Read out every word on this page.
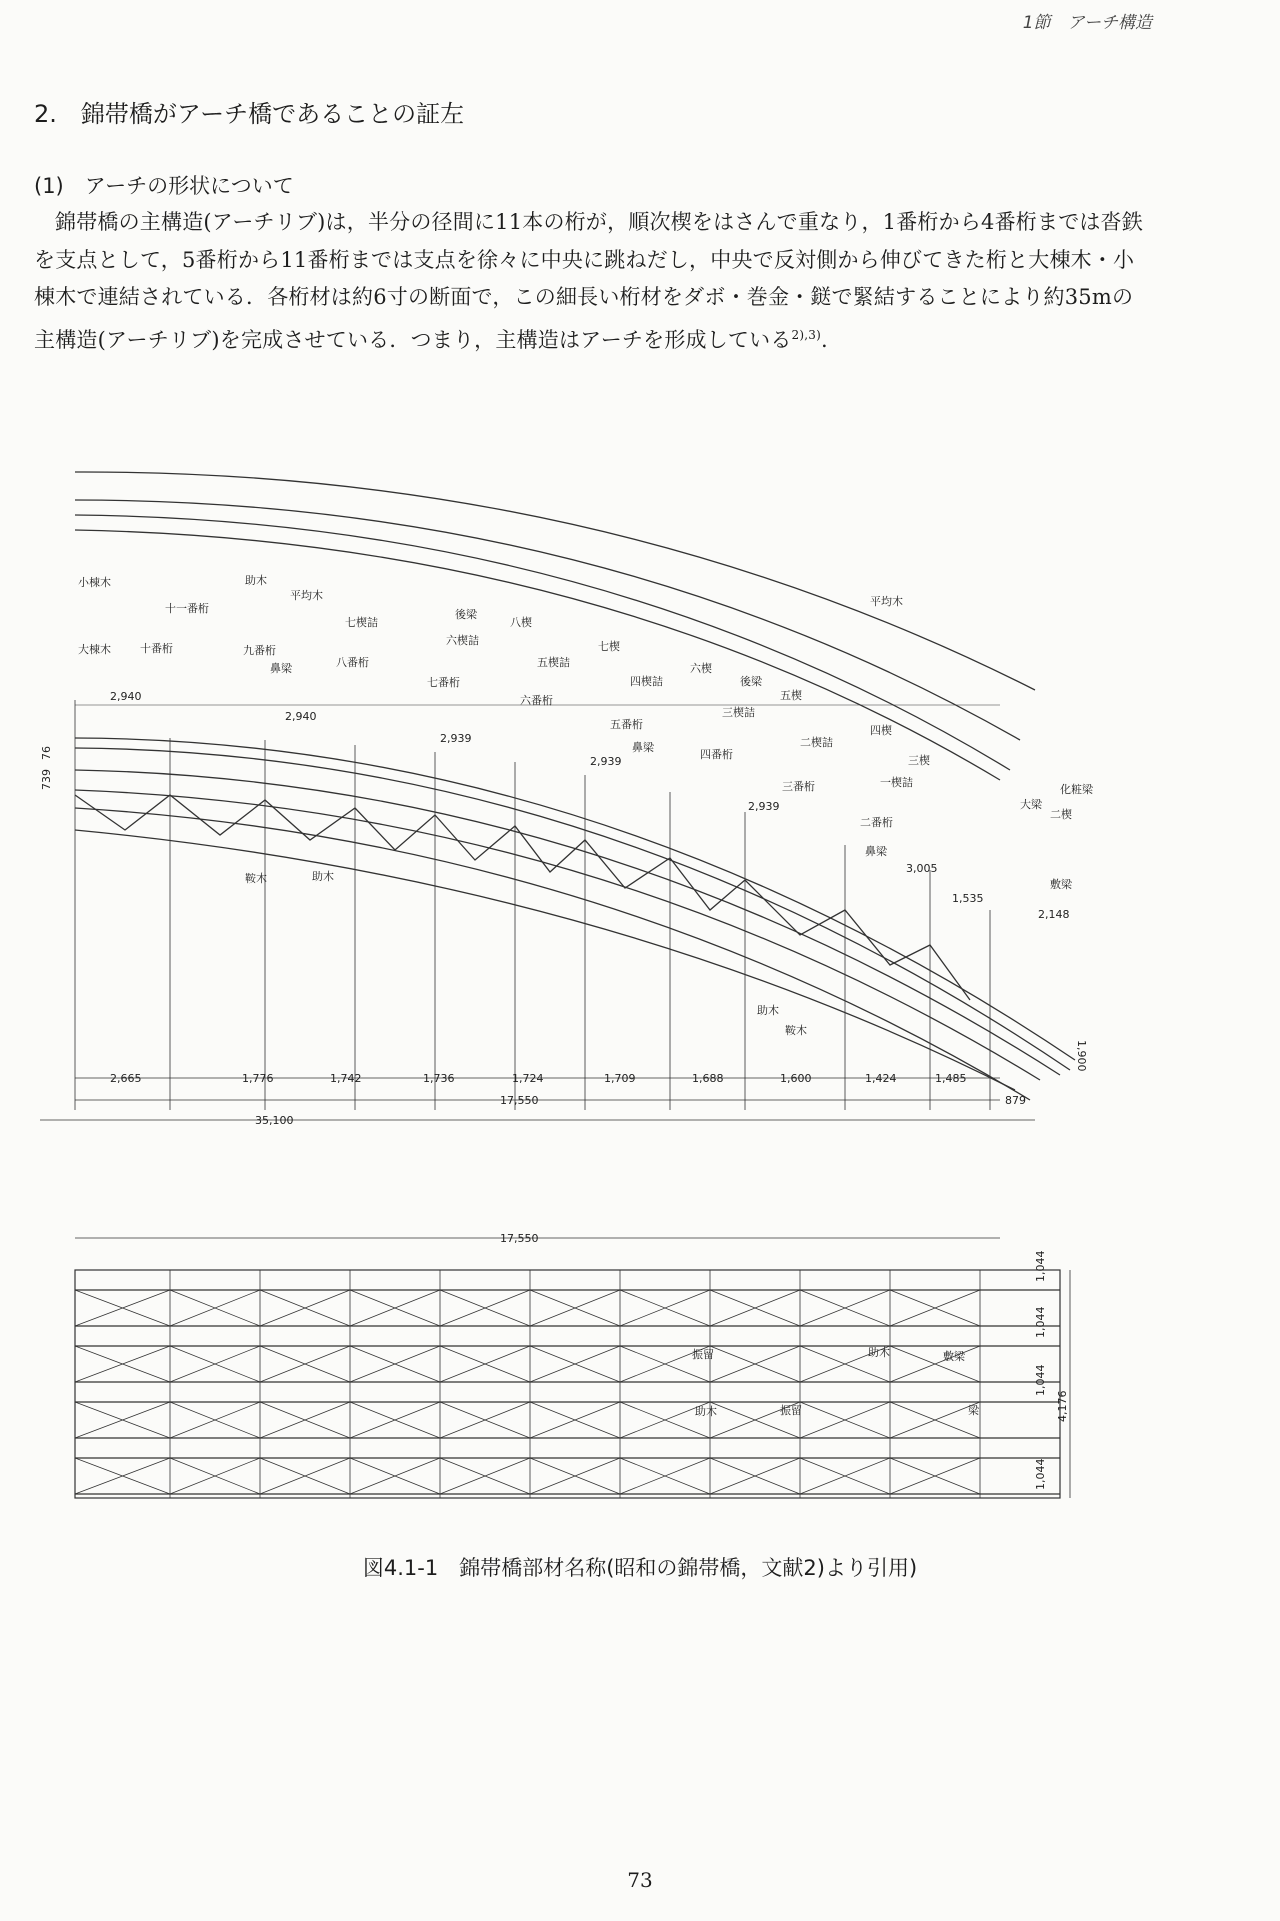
1節　アーチ構造
2.　錦帯橋がアーチ橋であることの証左
(1)　アーチの形状について
錦帯橋の主構造(アーチリブ)は，半分の径間に11本の桁が，順次楔をはさんで重なり，1番桁から4番桁までは沓鉄を支点として，5番桁から11番桁までは支点を徐々に中央に跳ねだし，中央で反対側から伸びてきた桁と大棟木・小棟木で連結されている．各桁材は約6寸の断面で，この細長い桁材をダボ・巻金・鎹で緊結することにより約35mの主構造(アーチリブ)を完成させている．つまり，主構造はアーチを形成している$^{2),3)}$.
小棟木
大棟木
助木
平均木	平均木
十一番桁
十番桁	九番桁
八番桁
七番桁
六番桁
五番桁
四番桁
三番桁
二番桁
鼻梁
鼻梁
鼻梁
後梁
後梁
八楔
七楔
六楔
五楔
四楔
三楔
二楔
七楔詰
六楔詰
五楔詰
四楔詰
三楔詰
二楔詰
一楔詰
大梁
化粧梁
敷梁
鞍木	助木
助木
鞍木
2,940
2,940
2,939
2,939
2,939
3,005
1,535
2,148
739
76
1,900
2,665	1,776	1,742	1,736	1,724	1,709	1,688	1,600	1,424	1,485
17,550	879
35,100
17,550
振留
振留
助木
助木
敷梁
梁
1,044
1,044
1,044
1,044
4,176
図4.1-1　錦帯橋部材名称(昭和の錦帯橋，文献2)より引用)
73
